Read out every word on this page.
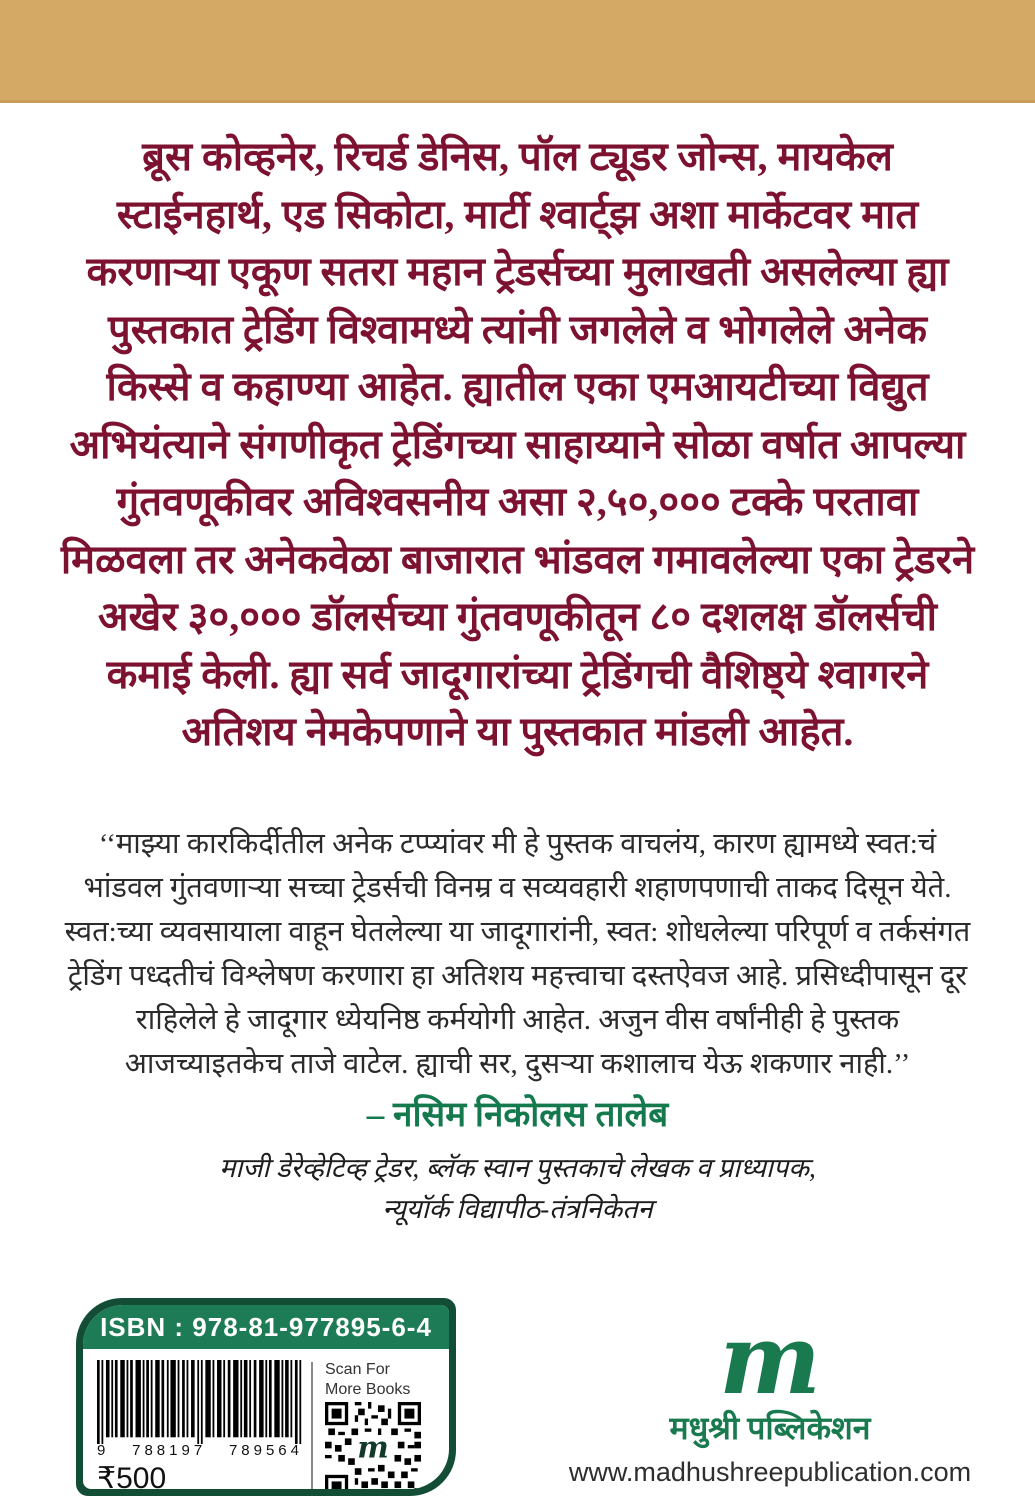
ब्रूस कोव्हनेर, रिचर्ड डेनिस, पॉल ट्यूडर जोन्स, मायकेल
स्टाईनहार्थ, एड सिकोटा, मार्टी श्वार्ट्झ अशा मार्केटवर मात
करणाऱ्या एकूण सतरा महान ट्रेडर्सच्या मुलाखती असलेल्या ह्या
पुस्तकात ट्रेडिंग विश्वामध्ये त्यांनी जगलेले व भोगलेले अनेक
किस्से व कहाण्या आहेत. ह्यातील एका एमआयटीच्या विद्युत
अभियंत्याने संगणीकृत ट्रेडिंगच्या साहाय्याने सोळा वर्षात आपल्या
गुंतवणूकीवर अविश्वसनीय असा २,५०,००० टक्के परतावा
मिळवला तर अनेकवेळा बाजारात भांडवल गमावलेल्या एका ट्रेडरने
अखेर ३०,००० डॉलर्सच्या गुंतवणूकीतून ८० दशलक्ष डॉलर्सची
कमाई केली. ह्या सर्व जादूगारांच्या ट्रेडिंगची वैशिष्ठ्ये श्वागरने
अतिशय नेमकेपणाने या पुस्तकात मांडली आहेत.
‘‘माझ्या कारकिर्दीतील अनेक टप्प्यांवर मी हे पुस्तक वाचलंय, कारण ह्यामध्ये स्वत:चं
भांडवल गुंतवणाऱ्या सच्चा ट्रेडर्सची विनम्र व सव्यवहारी शहाणपणाची ताकद दिसून येते.
स्वत:च्या व्यवसायाला वाहून घेतलेल्या या जादूगारांनी, स्वत: शोधलेल्या परिपूर्ण व तर्कसंगत
ट्रेडिंग पध्दतीचं विश्लेषण करणारा हा अतिशय महत्त्वाचा दस्तऐवज आहे. प्रसिध्दीपासून दूर
राहिलेले हे जादूगार ध्येयनिष्ठ कर्मयोगी आहेत. अजुन वीस वर्षांनीही हे पुस्तक
आजच्याइतकेच ताजे वाटेल. ह्याची सर, दुसऱ्या कशालाच येऊ शकणार नाही.’’
– नसिम निकोलस तालेब
माजी डेरेव्हेटिव्ह ट्रेडर, ब्लॅक स्वान पुस्तकाचे लेखक व प्राध्यापक,
न्यूयॉर्क विद्यापीठ-तंत्रनिकेतन
ISBN : 978-81-977895-6-4
9 788197 789564
₹500
Scan For
More Books
m
m
मधुश्री पब्लिकेशन
www.madhushreepublication.com
